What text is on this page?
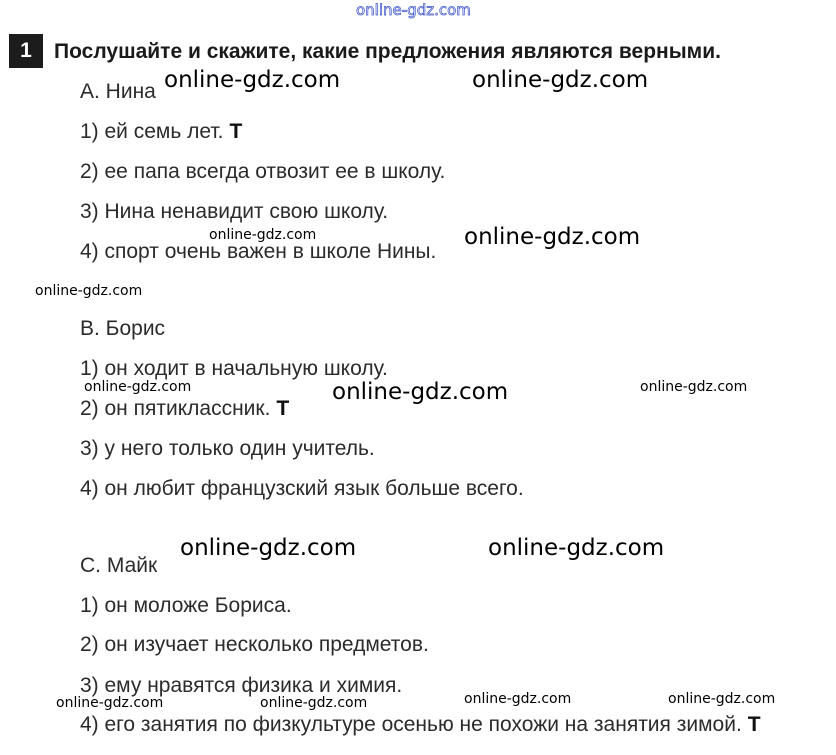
1	Послушайте и скажите, какие предложения являются верными.
A. Нина
1) ей семь лет. T
2) ее папа всегда отвозит ее в школу.
3) Нина ненавидит свою школу.
4) спорт очень важен в школе Нины.
B. Борис
1) он ходит в начальную школу.
2) он пятиклассник. T
3) у него только один учитель.
4) он любит французский язык больше всего.
C. Майк
1) он моложе Бориса.
2) он изучает несколько предметов.
3) ему нравятся физика и химия.
4) его занятия по физкультуре осенью не похожи на занятия зимой. T
online-gdz.com
online-gdz.com	online-gdz.com
online-gdz.com	online-gdz.com
online-gdz.com
online-gdz.com	online-gdz.com	online-gdz.com
online-gdz.com	online-gdz.com
online-gdz.com	online-gdz.com
online-gdz.com	online-gdz.com
